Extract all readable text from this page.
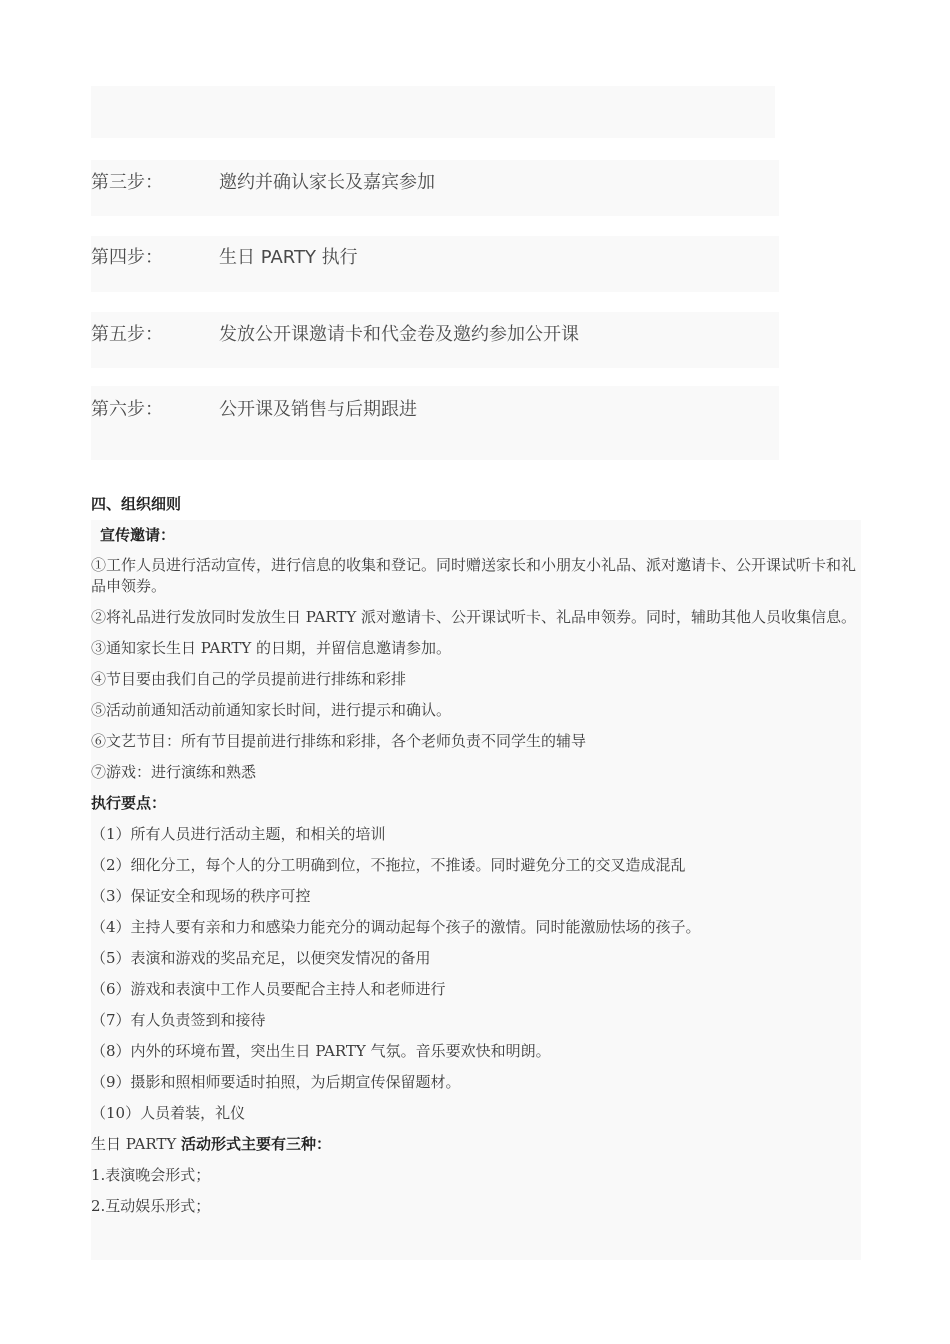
第三步：	邀约并确认家长及嘉宾参加
第四步：	生日 PARTY 执行
第五步：	发放公开课邀请卡和代金卷及邀约参加公开课
第六步：	公开课及销售与后期跟进
四、组织细则
宣传邀请：
①工作人员进行活动宣传，进行信息的收集和登记。同时赠送家长和小朋友小礼品、派对邀请卡、公开课试听卡和礼品申领券。
②将礼品进行发放同时发放生日 PARTY 派对邀请卡、公开课试听卡、礼品申领券。同时，辅助其他人员收集信息。
③通知家长生日 PARTY 的日期，并留信息邀请参加。
④节目要由我们自己的学员提前进行排练和彩排
⑤活动前通知活动前通知家长时间，进行提示和确认。
⑥文艺节目：所有节目提前进行排练和彩排，各个老师负责不同学生的辅导
⑦游戏：进行演练和熟悉
执行要点：
（1）所有人员进行活动主题，和相关的培训
（2）细化分工，每个人的分工明确到位，不拖拉，不推诿。同时避免分工的交叉造成混乱
（3）保证安全和现场的秩序可控
（4）主持人要有亲和力和感染力能充分的调动起每个孩子的激情。同时能激励怯场的孩子。
（5）表演和游戏的奖品充足，以便突发情况的备用
（6）游戏和表演中工作人员要配合主持人和老师进行
（7）有人负责签到和接待
（8）内外的环境布置，突出生日 PARTY 气氛。音乐要欢快和明朗。
（9）摄影和照相师要适时拍照，为后期宣传保留题材。
（10）人员着装，礼仪
生日 PARTY 活动形式主要有三种：
1.表演晚会形式；
2.互动娱乐形式；
